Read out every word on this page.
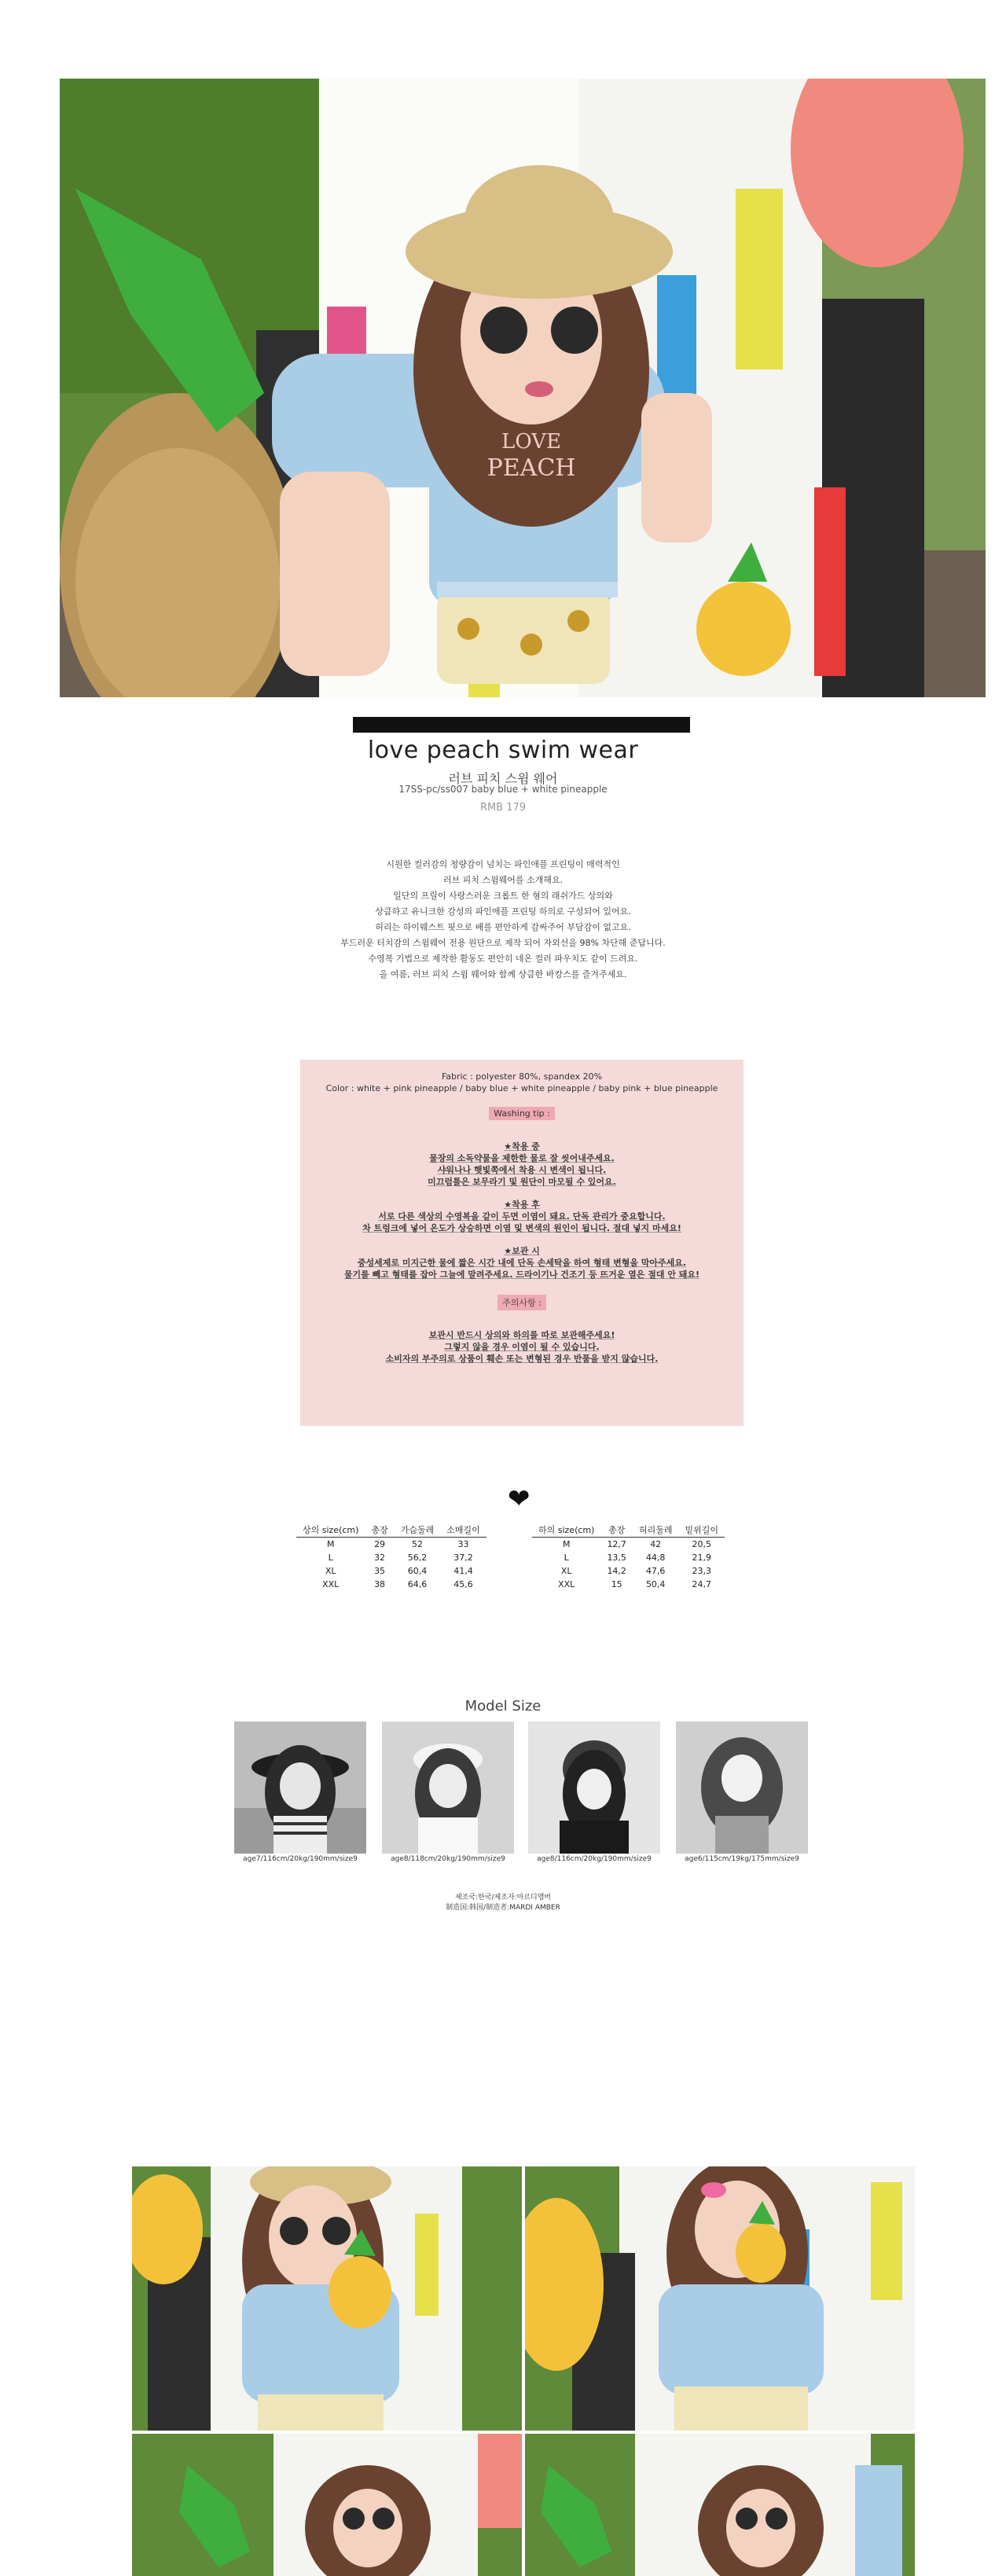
LOVE
PEACH
love peach swim wear
러브 피치 스윔 웨어
17SS-pc/ss007 baby blue + white pineapple
RMB 179
시원한 컬러감의 청량감이 넘치는 파인애플 프린팅이 매력적인
러브 피치 스윔웨어를 소개해요.
일단의 프릴이 사랑스러운 크롭트 한 형의 래쉬가드 상의와
상큼하고 유니크한 감성의 파인애플 프린팅 하의로 구성되어 있어요.
허리는 하이웨스트 핏으로 배를 편안하게 감싸주어 부담감이 없고요.
부드러운 터치감의 스윔웨어 전용 원단으로 제작 되어 자외선을 98% 차단해 준답니다.
수영복 기법으로 제작한 활동도 편안히 네온 컬러 파우치도 같이 드려요.
올 여름, 러브 피치 스윔 웨어와 함께 상큼한 바캉스를 즐겨주세요.
Fabric : polyester 80%, spandex 20%
Color : white + pink pineapple / baby blue + white pineapple / baby pink + blue pineapple
Washing tip :
★착용 중
물장의 소독약물을 제한한 물로 잘 씻어내주세요.
샤워나나 햇빛쪽에서 착용 시 변색이 됩니다.
미끄럼틀은 보무라기 및 원단이 마모될 수 있어요.
★착용 후
서로 다른 색상의 수영복을 같이 두면 이염이 돼요. 단독 관리가 중요합니다.
차 트렁크에 넣어 온도가 상승하면 이염 및 변색의 원인이 됩니다. 절대 넣지 마세요!
★보관 시
중성세제로 미지근한 물에 짧은 시간 내에 단독 손세탁을 하여 형태 변형을 막아주세요.
물기를 빼고 형태를 잡아 그늘에 말려주세요. 드라이기나 건조기 등 뜨거운 열은 절대 안 돼요!
주의사항 :
보관시 반드시 상의와 하의를 따로 보관해주세요!
그렇지 않을 경우 이염이 될 수 있습니다.
소비자의 부주의로 상품이 훼손 또는 변형된 경우 반품을 받지 않습니다.
❤
상의 size(cm)	총장	가슴둘레	소매길이
M	29	52	33
L	32	56,2	37,2
XL	35	60,4	41,4
XXL	38	64,6	45,6
하의 size(cm)	총장	허리둘레	밑위길이
M	12,7	42	20,5
L	13,5	44,8	21,9
XL	14,2	47,6	23,3
XXL	15	50,4	24,7
Model Size
age7/116cm/20kg/190mm/size9	age8/118cm/20kg/190mm/size9	age8/116cm/20kg/190mm/size9	age6/115cm/19kg/175mm/size9
제조국:한국/제조자:마르디앰버
制造国:韩国/制造者:MARDI AMBER
